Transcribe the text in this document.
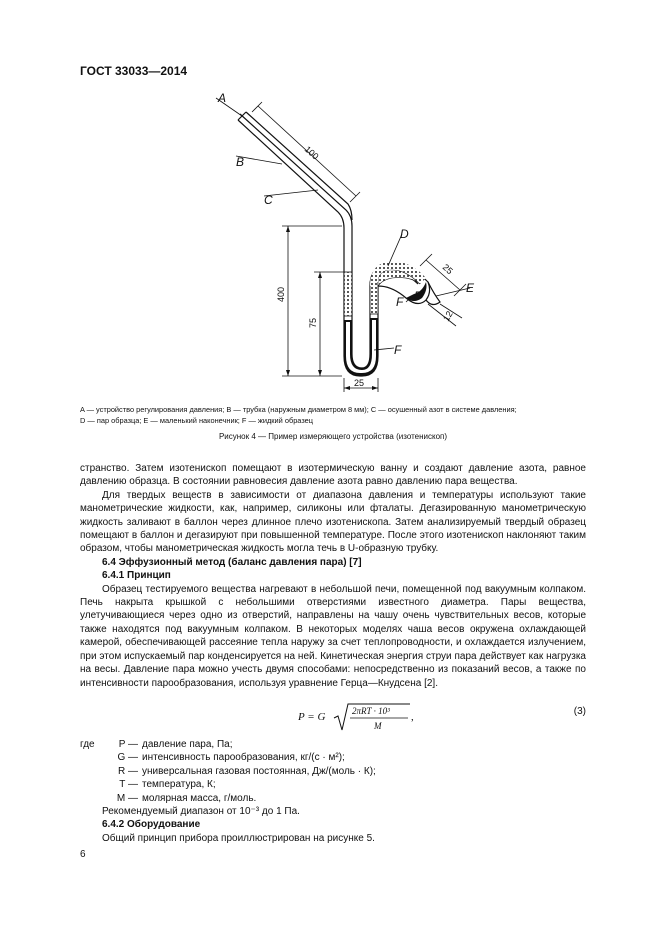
ГОСТ 33033—2014
A
B
C
D
E
F F
F
100
400
75
25
25
12

A — устройство регулирования давления; B — трубка (наружным диаметром 8 мм); C — осушенный азот в системе давления;

D — пар образца; E — маленький наконечник; F — жидкий образец

Рисунок 4 — Пример измеряющего устройства (изотенископ)

странство. Затем изотенископ помещают в изотермическую ванну и создают давление азота, равное давлению образца. В состоянии равновесия давление азота равно давлению пара вещества.

Для твердых веществ в зависимости от диапазона давления и температуры используют такие манометрические жидкости, как, например, силиконы или фталаты. Дегазированную манометрическую жидкость заливают в баллон через длинное плечо изотенископа. Затем анализируемый твердый образец помещают в баллон и дегазируют при повышенной температуре. После этого изотенископ наклоняют таким образом, чтобы манометрическая жидкость могла течь в U-образную трубку.

6.4 Эффузионный метод (баланс давления пара) [7]

6.4.1 Принцип

Образец тестируемого вещества нагревают в небольшой печи, помещенной под вакуумным колпаком. Печь накрыта крышкой с небольшими отверстиями известного диаметра. Пары вещества, улетучивающиеся через одно из отверстий, направлены на чашу очень чувствительных весов, которые также находятся под вакуумным колпаком. В некоторых моделях чаша весов окружена охлаждающей камерой, обеспечивающей рассеяние тепла наружу за счет теплопроводности, и охлаждается излучением, при этом испускаемый пар конденсируется на ней. Кинетическая энергия струи пара действует как нагрузка на весы. Давление пара можно учесть двумя способами: непосредственно из показаний весов, а также по интенсивности парообразования, используя уравнение Герца—Кнудсена [2].

P = G	2πRT · 10³
M
,	(3)
где	P — давление пара, Па;
G — интенсивность парообразования, кг/(с · м²);
R — универсальная газовая постоянная, Дж/(моль · К);
T — температура, К;
M — молярная масса, г/моль.

Рекомендуемый диапазон от 10⁻³ до 1 Па.

6.4.2 Оборудование

Общий принцип прибора проиллюстрирован на рисунке 5.

6
